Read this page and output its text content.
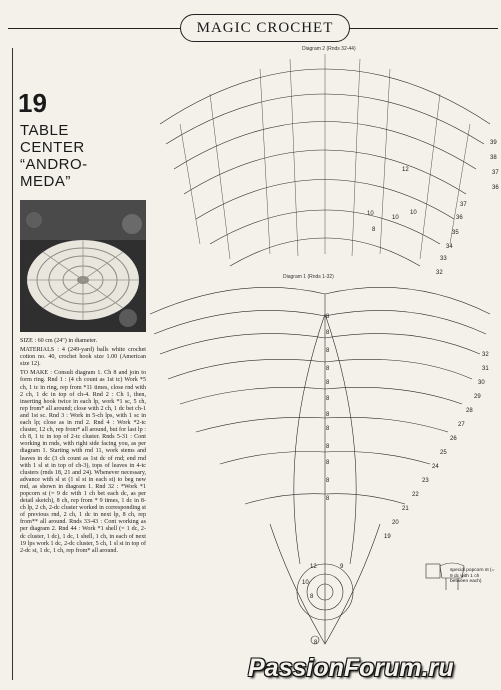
MAGIC CROCHET
19
TABLE
CENTER
“ANDRO-
MEDA”

SIZE : 60 cm (24") in diameter.

MATERIALS : 4 (249-yard) balls white crochet cotton no. 40, crochet hook size 1.00 (American size 12).

TO MAKE : Consult diagram 1. Ch 8 and join to form ring. Rnd 1 : (4 ch count as 1st tc) Work *5 ch, 1 tc in ring, rep from *11 times, close rnd with 2 ch, 1 dc in top of ch-4. Rnd 2 : Ch 1, then, inserting hook twice in each lp, work *1 sc, 5 ch, rep from* all around; close with 2 ch, 1 dc bet ch-1 and 1st sc. Rnd 3 : Work in 5-ch lps, with 1 sc in each lp; close as in rnd 2. Rnd 4 : Work *2-tc cluster, 12 ch, rep from* all around, but for last lp : ch 8, 1 tc in top of 2-tc cluster. Rnds 5-31 : Cont working in rnds, with right side facing you, as per diagram 1. Starting with rnd 11, work stems and leaves in dc (3 ch count as 1st dc of rnd; end rnd with 1 sl st in top of ch-3), tops of leaves in 4-tc clusters (rnds 18, 21 and 24). Whenever necessary, advance with sl st (1 sl st in each st) to beg new rnd, as shown in diagram 1. Rnd 32 : *Work *1 popcorn st (= 9 dc with 1 ch bet each dc, as per detail sketch), 8 ch, rep from * 9 times, 1 dc in 8-ch lp, 2 ch, 2-dc cluster worked in corresponding st of previous rnd, 2 ch, 1 dc in next lp, 8 ch, rep from** all around. Rnds 33-43 : Cont working as per diagram 2. Rnd 44 : Work *1 shell (= 1 dc, 2-dc cluster, 1 dc), 1 dc, 1 shell, 1 ch, in each of next 19 lps work 1 dc, 2-dc cluster, 5 ch, 1 sl st in top of 2-dc st, 1 dc, 1 ch, rep from* all around.

Diagram 2 (Rnds 32-44)
Diagram 1 (Rnds 1-32)
12
10
10
10
8
39
38
37
36
37
36
35
34
33
32
8
8
8
8
8
8
8
8
8
8
8
8
12	9
10
8
8
32
31
30
29
28
27
26
25
24
23
22
21
20
19
special popcorn st (= 9 dc with 1 ch between each)
PassionForum.ru
